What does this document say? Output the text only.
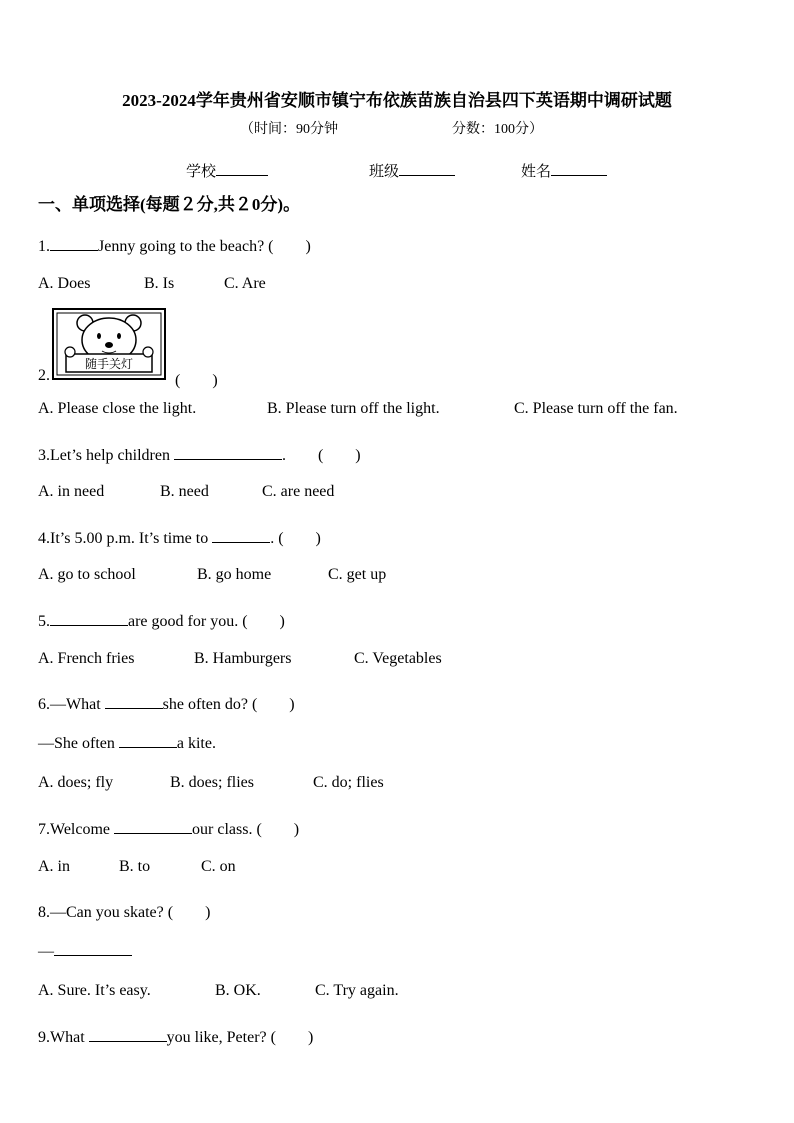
2023-2024学年贵州省安顺市镇宁布依族苗族自治县四下英语期中调研试题
（时间：90分钟	分数：100分）
学校	班级	姓名
一、单项选择(每题２分,共２0分)。
1.	Jenny going to the beach? (　　)
A. Does	B. Is	C. Are
随手关灯
2.	(　　)
A. Please close the light.	B. Please turn off the light.	C. Please turn off the fan.
3.Let’s help children	.　　(　　)
A. in need	B. need	C. are need
4.It’s 5.00 p.m. It’s time to	. (　　)
A. go to school	B. go home	C. get up
5.	are good for you. (　　)
A. French fries	B. Hamburgers	C. Vegetables
6.—What	she often do? (　　)
—She often	a kite.
A. does; fly	B. does; flies	C. do; flies
7.Welcome	our class. (　　)
A. in	B. to	C. on
8.—Can you skate? (　　)
—
A. Sure. It’s easy.	B. OK.	C. Try again.
9.What	you like, Peter? (　　)
